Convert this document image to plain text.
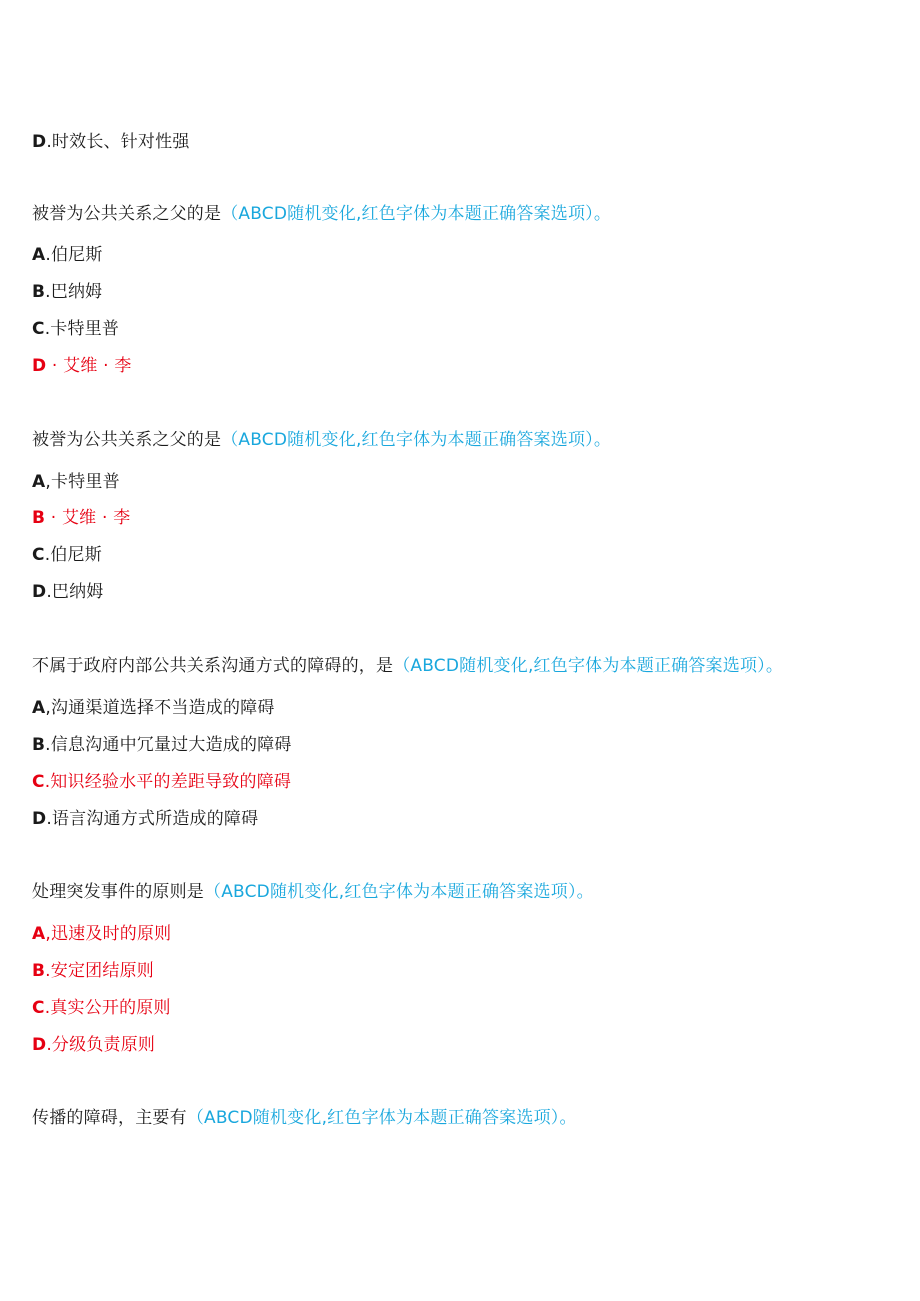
D.时效长、针对性强
被誉为公共关系之父的是（ABCD随机变化,红色字体为本题正确答案选项）。
A.伯尼斯
B.巴纳姆
C.卡特里普
D · 艾维 · 李
被誉为公共关系之父的是（ABCD随机变化,红色字体为本题正确答案选项）。
A,卡特里普
B · 艾维 · 李
C.伯尼斯
D.巴纳姆
不属于政府内部公共关系沟通方式的障碍的，是（ABCD随机变化,红色字体为本题正确答案选项）。
A,沟通渠道选择不当造成的障碍
B.信息沟通中冗量过大造成的障碍
C.知识经验水平的差距导致的障碍
D.语言沟通方式所造成的障碍
处理突发事件的原则是（ABCD随机变化,红色字体为本题正确答案选项）。
A,迅速及时的原则
B.安定团结原则
C.真实公开的原则
D.分级负责原则
传播的障碍，主要有（ABCD随机变化,红色字体为本题正确答案选项）。
